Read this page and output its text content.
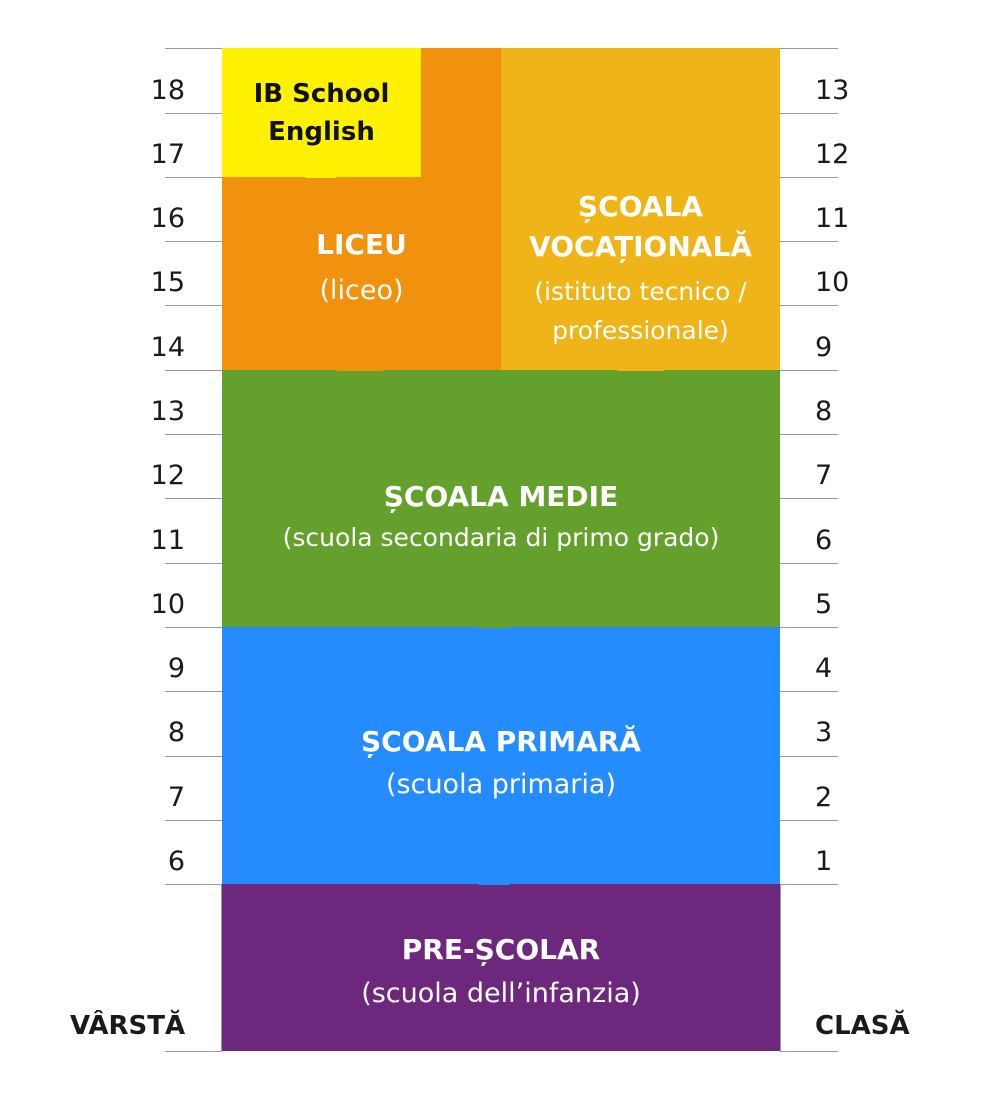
18
17
16
15
14
13
12
11
10
9
8
7
6
13
12
11
10
9
8
7
6
5
4
3
2
1
LICEU
(liceo)
IB School
English
ȘCOALA
VOCAȚIONALĂ
(istituto tecnico /
professionale)
ȘCOALA MEDIE
(scuola secondaria di primo grado)
ȘCOALA PRIMARĂ
(scuola primaria)
PRE-ȘCOLAR
(scuola dell’infanzia)
VÂRSTĂ	CLASĂ
